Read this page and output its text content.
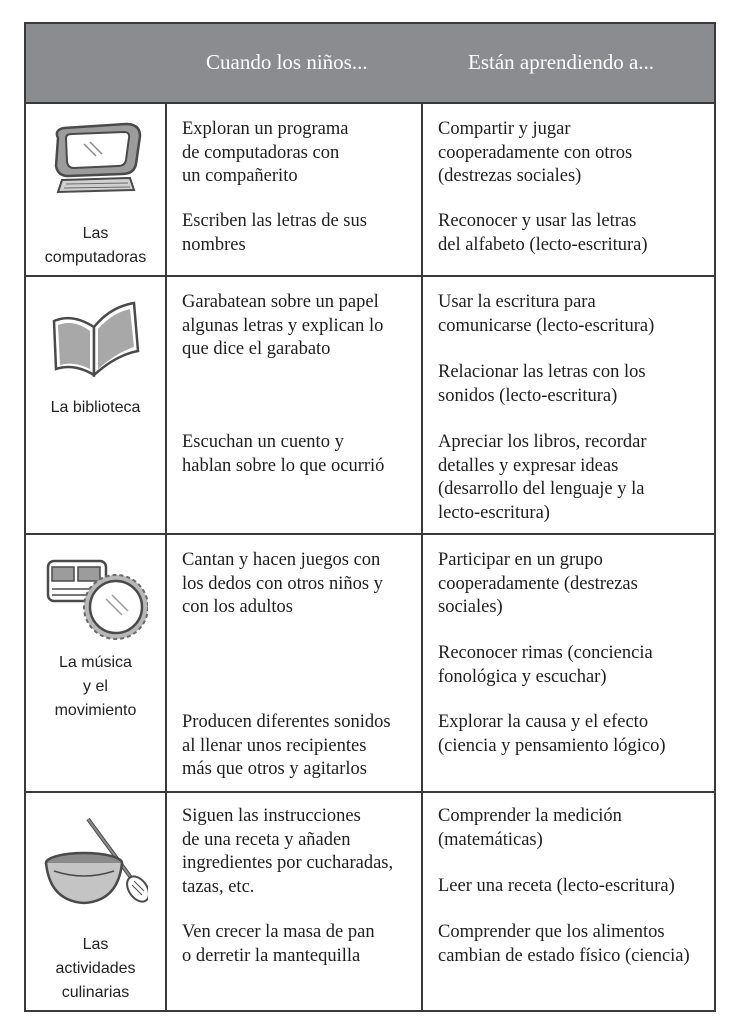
Cuando los niños...	Están aprendiendo a...
Las
computadoras
Exploran un programa
de computadoras con
un compañerito
Escriben las letras de sus
nombres
Compartir y jugar
cooperadamente con otros
(destrezas sociales)
Reconocer y usar las letras
del alfabeto (lecto-escritura)
La biblioteca
Garabatean sobre un papel
algunas letras y explican lo
que dice el garabato
Escuchan un cuento y
hablan sobre lo que ocurrió
Usar la escritura para
comunicarse (lecto-escritura)
Relacionar las letras con los
sonidos (lecto-escritura)
Apreciar los libros, recordar
detalles y expresar ideas
(desarrollo del lenguaje y la
lecto-escritura)
La música
y el
movimiento
Cantan y hacen juegos con
los dedos con otros niños y
con los adultos
Producen diferentes sonidos
al llenar unos recipientes
más que otros y agitarlos
Participar en un grupo
cooperadamente (destrezas
sociales)
Reconocer rimas (conciencia
fonológica y escuchar)
Explorar la causa y el efecto
(ciencia y pensamiento lógico)
Las
actividades
culinarias
Siguen las instrucciones
de una receta y añaden
ingredientes por cucharadas,
tazas, etc.
Ven crecer la masa de pan
o derretir la mantequilla
Comprender la medición
(matemáticas)
Leer una receta (lecto-escritura)
Comprender que los alimentos
cambian de estado físico (ciencia)
